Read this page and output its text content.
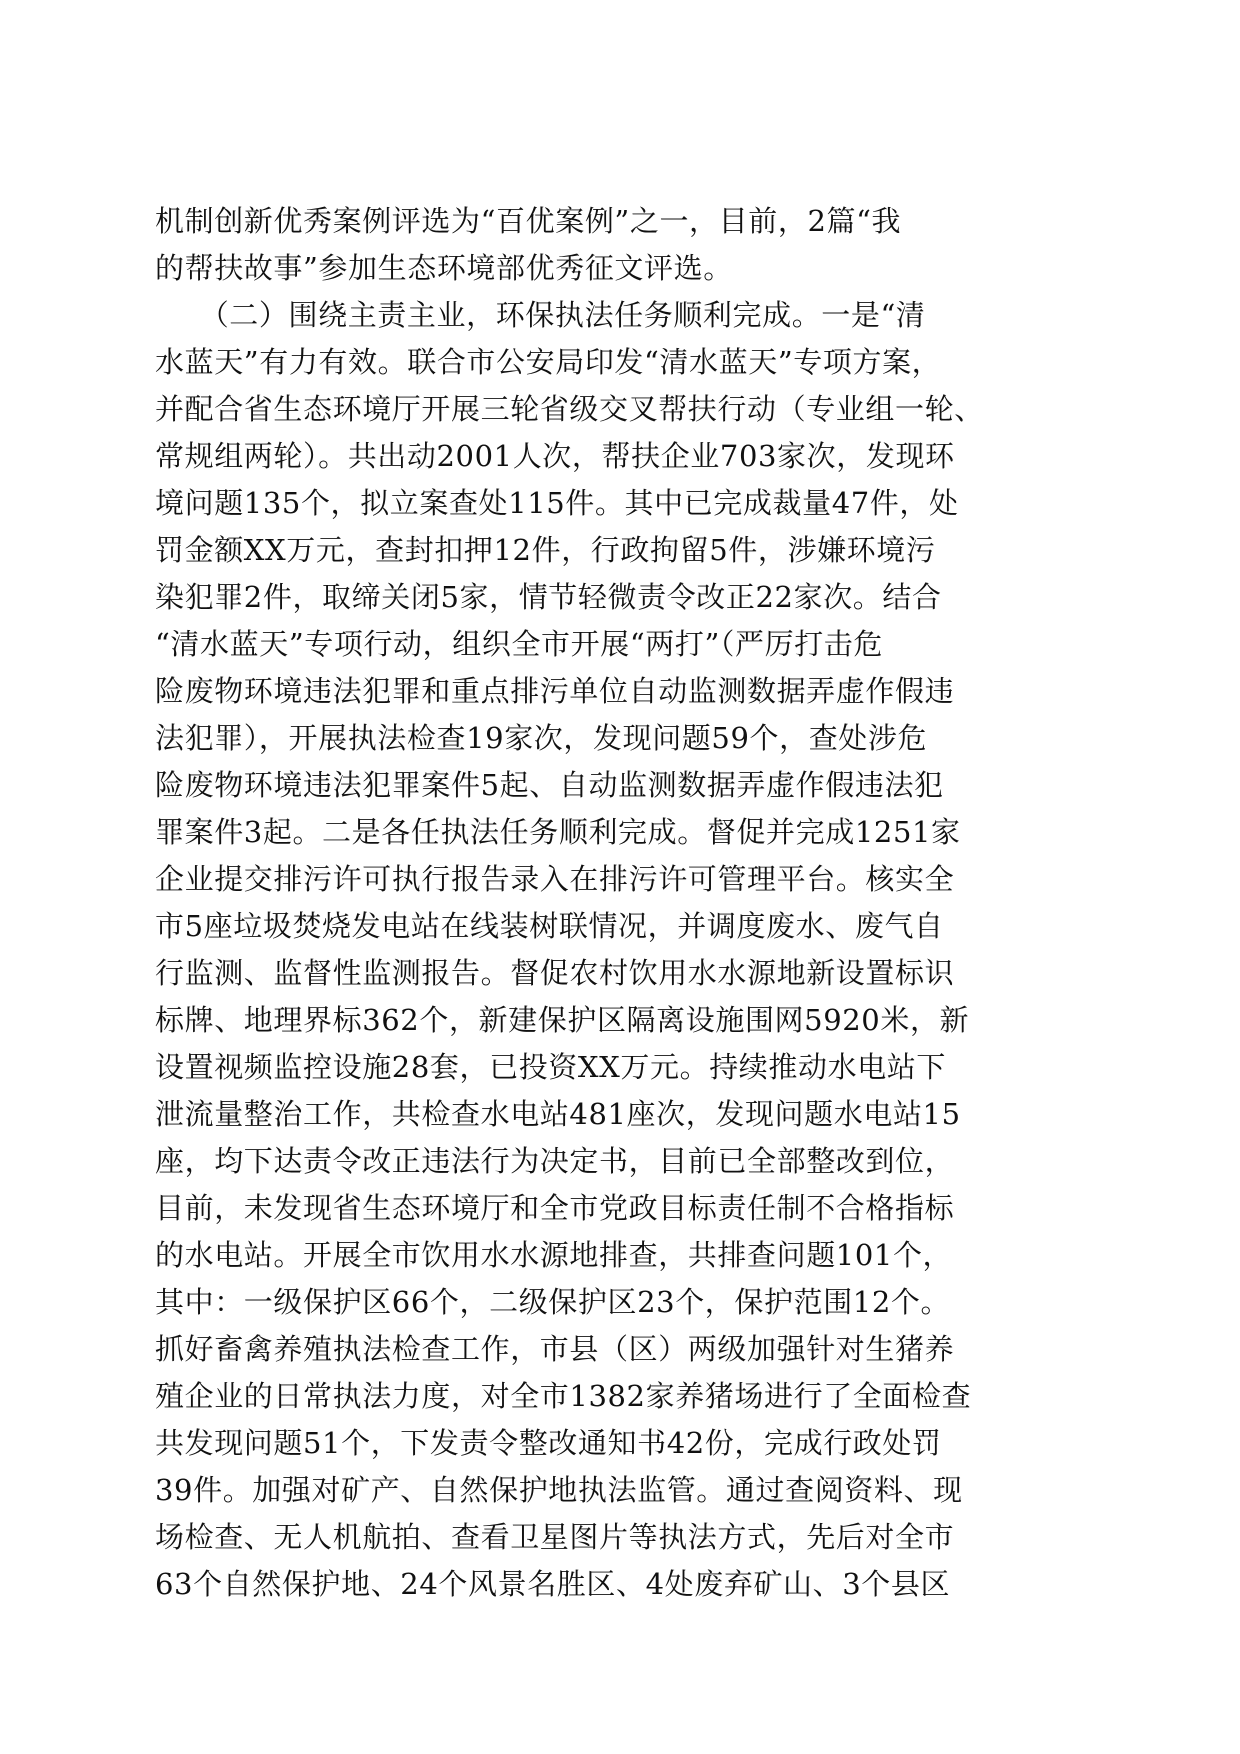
机制创新优秀案例评选为“百优案例”之一，目前，2篇“我
的帮扶故事”参加生态环境部优秀征文评选。
　　（二）围绕主责主业，环保执法任务顺利完成。一是“清
水蓝天”有力有效。联合市公安局印发“清水蓝天”专项方案，
并配合省生态环境厅开展三轮省级交叉帮扶行动（专业组一轮、
常规组两轮）。共出动2001人次，帮扶企业703家次，发现环
境问题135个，拟立案查处115件。其中已完成裁量47件，处
罚金额XX万元，查封扣押12件，行政拘留5件，涉嫌环境污
染犯罪2件，取缔关闭5家，情节轻微责令改正22家次。结合
“清水蓝天”专项行动，组织全市开展“两打”（严厉打击危
险废物环境违法犯罪和重点排污单位自动监测数据弄虚作假违
法犯罪），开展执法检查19家次，发现问题59个，查处涉危
险废物环境违法犯罪案件5起、自动监测数据弄虚作假违法犯
罪案件3起。二是各任执法任务顺利完成。督促并完成1251家
企业提交排污许可执行报告录入在排污许可管理平台。核实全
市5座垃圾焚烧发电站在线装树联情况，并调度废水、废气自
行监测、监督性监测报告。督促农村饮用水水源地新设置标识
标牌、地理界标362个，新建保护区隔离设施围网5920米，新
设置视频监控设施28套，已投资XX万元。持续推动水电站下
泄流量整治工作，共检查水电站481座次，发现问题水电站15
座，均下达责令改正违法行为决定书，目前已全部整改到位，
目前，未发现省生态环境厅和全市党政目标责任制不合格指标
的水电站。开展全市饮用水水源地排查，共排查问题101个，
其中：一级保护区66个，二级保护区23个，保护范围12个。
抓好畜禽养殖执法检查工作，市县（区）两级加强针对生猪养
殖企业的日常执法力度，对全市1382家养猪场进行了全面检查
共发现问题51个，下发责令整改通知书42份，完成行政处罚
39件。加强对矿产、自然保护地执法监管。通过查阅资料、现
场检查、无人机航拍、查看卫星图片等执法方式，先后对全市
63个自然保护地、24个风景名胜区、4处废弃矿山、3个县区
